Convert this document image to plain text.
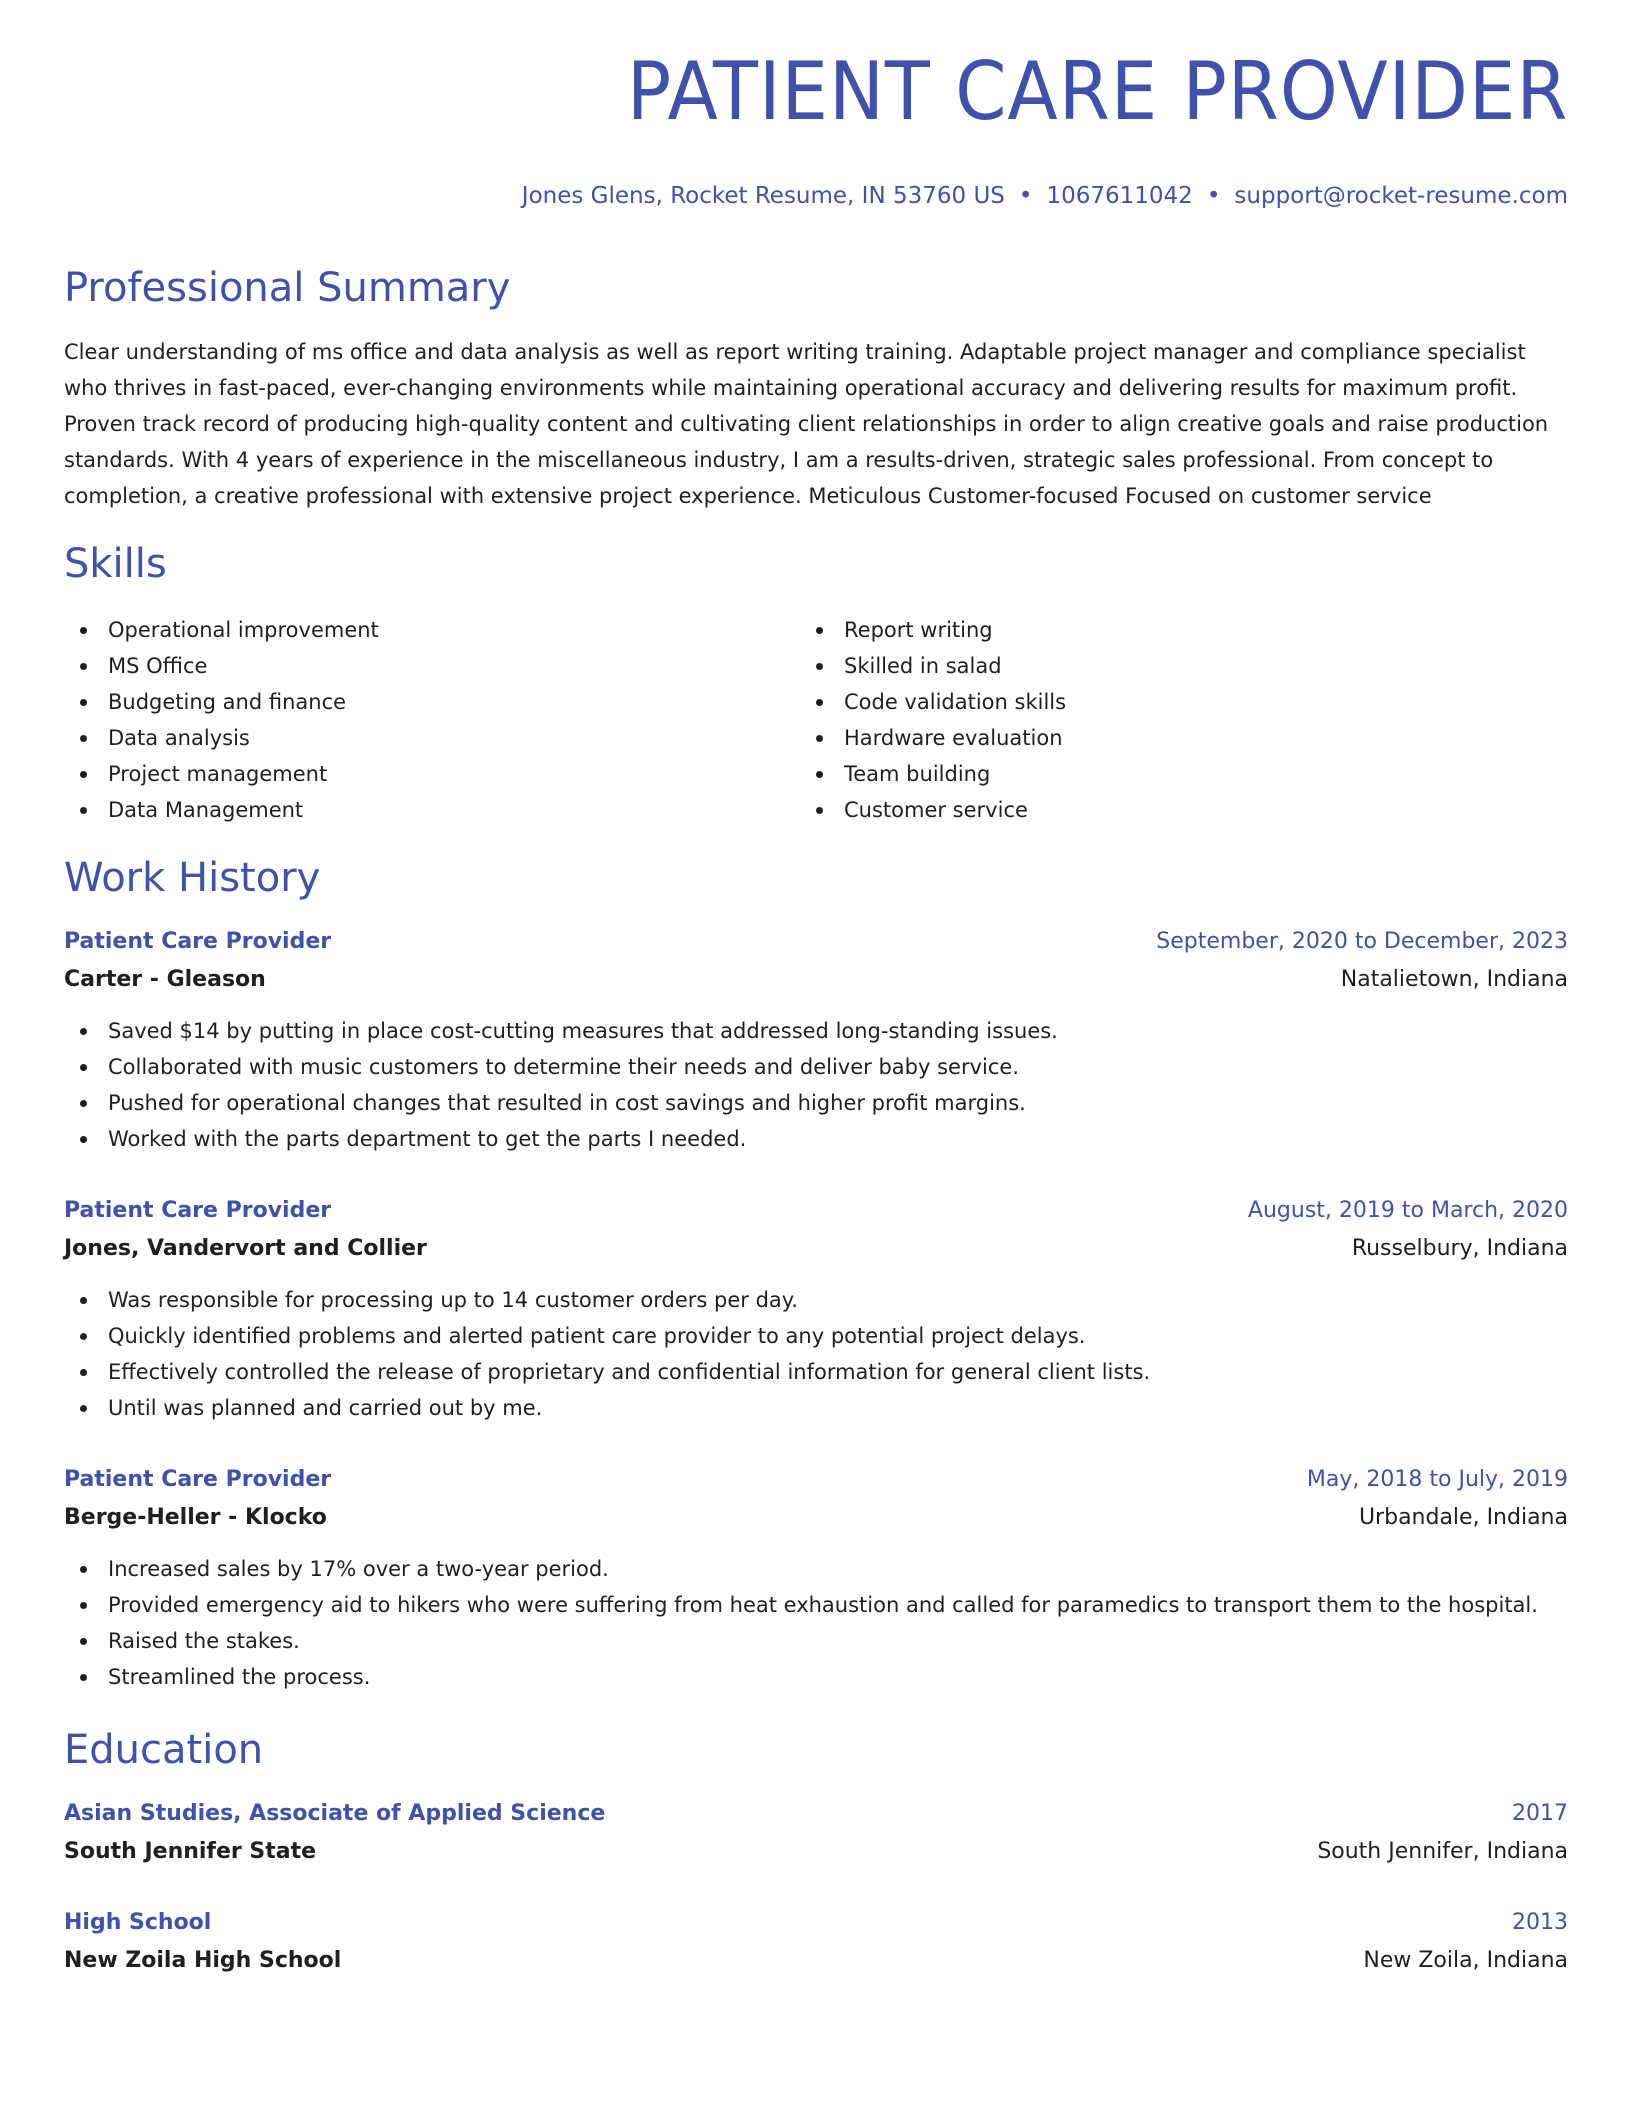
PATIENT CARE PROVIDER
Jones Glens, Rocket Resume, IN 53760 US • 1067611042 • support@rocket-resume.com
Professional Summary

Clear understanding of ms office and data analysis as well as report writing training. Adaptable project manager and compliance specialist who thrives in fast-paced, ever-changing environments while maintaining operational accuracy and delivering results for maximum profit. Proven track record of producing high-quality content and cultivating client relationships in order to align creative goals and raise production standards. With 4 years of experience in the miscellaneous industry, I am a results-driven, strategic sales professional. From concept to completion, a creative professional with extensive project experience. Meticulous Customer-focused Focused on customer service

Skills
Operational improvement
MS Office
Budgeting and finance
Data analysis
Project management
Data Management
Report writing
Skilled in salad
Code validation skills
Hardware evaluation
Team building
Customer service
Work History
Patient Care Provider	September, 2020 to December, 2023
Carter - Gleason	Natalietown, Indiana
Saved $14 by putting in place cost-cutting measures that addressed long-standing issues.
Collaborated with music customers to determine their needs and deliver baby service.
Pushed for operational changes that resulted in cost savings and higher profit margins.
Worked with the parts department to get the parts I needed.
Patient Care Provider	August, 2019 to March, 2020
Jones, Vandervort and Collier	Russelbury, Indiana
Was responsible for processing up to 14 customer orders per day.
Quickly identified problems and alerted patient care provider to any potential project delays.
Effectively controlled the release of proprietary and confidential information for general client lists.
Until was planned and carried out by me.
Patient Care Provider	May, 2018 to July, 2019
Berge-Heller - Klocko	Urbandale, Indiana
Increased sales by 17% over a two-year period.
Provided emergency aid to hikers who were suffering from heat exhaustion and called for paramedics to transport them to the hospital.
Raised the stakes.
Streamlined the process.
Education
Asian Studies, Associate of Applied Science	2017
South Jennifer State	South Jennifer, Indiana
High School	2013
New Zoila High School	New Zoila, Indiana
